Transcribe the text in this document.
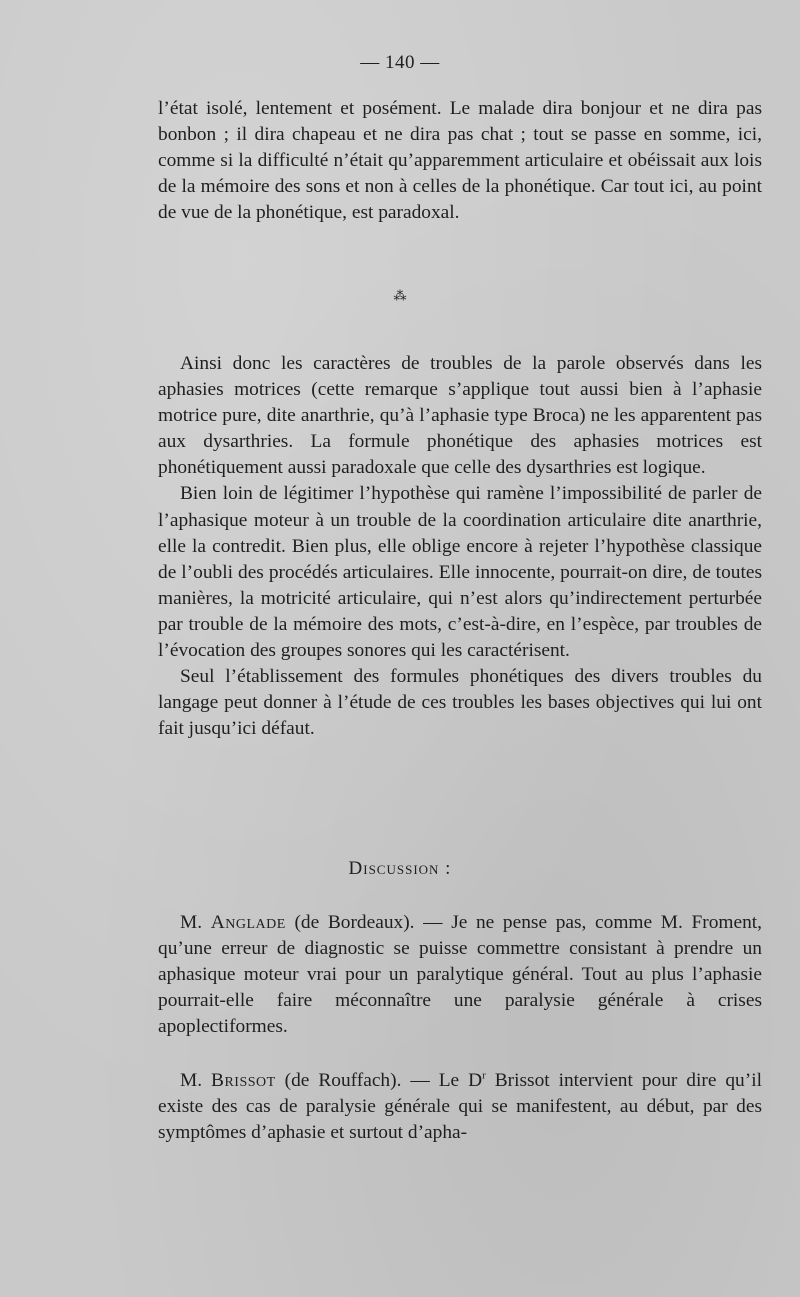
— 140 —

l’état isolé, lentement et posément. Le malade dira bonjour et ne dira pas bonbon ; il dira chapeau et ne dira pas chat ; tout se passe en somme, ici, comme si la difficulté n’était qu’apparemment articulaire et obéissait aux lois de la mémoire des sons et non à celles de la phonétique. Car tout ici, au point de vue de la phonétique, est paradoxal.

⁂

Ainsi donc les caractères de troubles de la parole observés dans les aphasies motrices (cette remarque s’applique tout aussi bien à l’aphasie motrice pure, dite anarthrie, qu’à l’aphasie type Broca) ne les apparentent pas aux dysarthries. La formule phonétique des aphasies motrices est phonétiquement aussi paradoxale que celle des dysarthries est logique.

Bien loin de légitimer l’hypothèse qui ramène l’impossibilité de parler de l’aphasique moteur à un trouble de la coordination articulaire dite anarthrie, elle la contredit. Bien plus, elle oblige encore à rejeter l’hypothèse classique de l’oubli des procédés articulaires. Elle innocente, pourrait-on dire, de toutes manières, la motricité articulaire, qui n’est alors qu’indirectement perturbée par trouble de la mémoire des mots, c’est-à-dire, en l’espèce, par troubles de l’évocation des groupes sonores qui les caractérisent.

Seul l’établissement des formules phonétiques des divers troubles du langage peut donner à l’étude de ces troubles les bases objectives qui lui ont fait jusqu’ici défaut.

Discussion :

M. Anglade (de Bordeaux). — Je ne pense pas, comme M. Froment, qu’une erreur de diagnostic se puisse commettre consistant à prendre un aphasique moteur vrai pour un paralytique général. Tout au plus l’aphasie pourrait-elle faire méconnaître une paralysie générale à crises apoplectiformes.

M. Brissot (de Rouffach). — Le $D^r$ Brissot intervient pour dire qu’il existe des cas de paralysie générale qui se manifestent, au début, par des symptômes d’aphasie et surtout d’apha-
